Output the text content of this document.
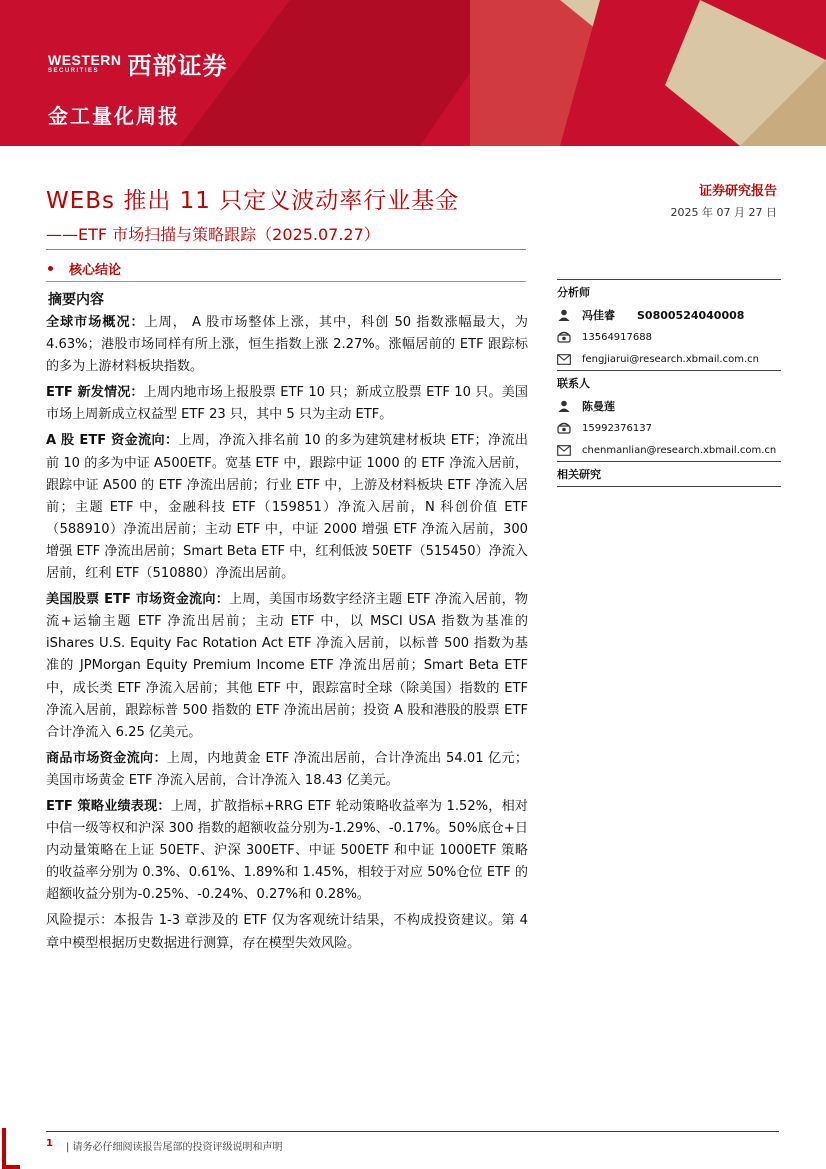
WESTERN
SECURITIES	西部证券
金工量化周报
WEBs 推出 11 只定义波动率行业基金
——ETF 市场扫描与策略跟踪（2025.07.27）
证券研究报告
2025 年 07 月 27 日
核心结论
摘要内容

全球市场概况：上周， A 股市场整体上涨，其中，科创 50 指数涨幅最大，为 4.63%；港股市场同样有所上涨，恒生指数上涨 2.27%。涨幅居前的 ETF 跟踪标的多为上游材料板块指数。

ETF 新发情况：上周内地市场上报股票 ETF 10 只；新成立股票 ETF 10 只。美国市场上周新成立权益型 ETF 23 只，其中 5 只为主动 ETF。

A 股 ETF 资金流向：上周，净流入排名前 10 的多为建筑建材板块 ETF；净流出前 10 的多为中证 A500ETF。宽基 ETF 中，跟踪中证 1000 的 ETF 净流入居前，跟踪中证 A500 的 ETF 净流出居前；行业 ETF 中，上游及材料板块 ETF 净流入居前；主题 ETF 中，金融科技 ETF（159851）净流入居前，N 科创价值 ETF（588910）净流出居前；主动 ETF 中，中证 2000 增强 ETF 净流入居前，300 增强 ETF 净流出居前；Smart Beta ETF 中，红利低波 50ETF（515450）净流入居前，红利 ETF（510880）净流出居前。

美国股票 ETF 市场资金流向：上周，美国市场数字经济主题 ETF 净流入居前，物流+运输主题 ETF 净流出居前；主动 ETF 中，以 MSCI USA 指数为基准的 iShares U.S. Equity Fac Rotation Act ETF 净流入居前，以标普 500 指数为基准的 JPMorgan Equity Premium Income ETF 净流出居前；Smart Beta ETF 中，成长类 ETF 净流入居前；其他 ETF 中，跟踪富时全球（除美国）指数的 ETF 净流入居前，跟踪标普 500 指数的 ETF 净流出居前；投资 A 股和港股的股票 ETF 合计净流入 6.25 亿美元。

商品市场资金流向：上周，内地黄金 ETF 净流出居前，合计净流出 54.01 亿元；美国市场黄金 ETF 净流入居前，合计净流入 18.43 亿美元。

ETF 策略业绩表现：上周，扩散指标+RRG ETF 轮动策略收益率为 1.52%，相对中信一级等权和沪深 300 指数的超额收益分别为-1.29%、-0.17%。50%底仓+日内动量策略在上证 50ETF、沪深 300ETF、中证 500ETF 和中证 1000ETF 策略的收益率分别为 0.3%、0.61%、1.89%和 1.45%，相较于对应 50%仓位 ETF 的超额收益分别为-0.25%、-0.24%、0.27%和 0.28%。

风险提示：本报告 1-3 章涉及的 ETF 仅为客观统计结果，不构成投资建议。第 4 章中模型根据历史数据进行测算，存在模型失效风险。

分析师
冯佳睿 S0800524040008
13564917688
fengjiarui@research.xbmail.com.cn
联系人
陈曼莲
15992376137
chenmanlian@research.xbmail.com.cn
相关研究
1 | 请务必仔细阅读报告尾部的投资评级说明和声明
